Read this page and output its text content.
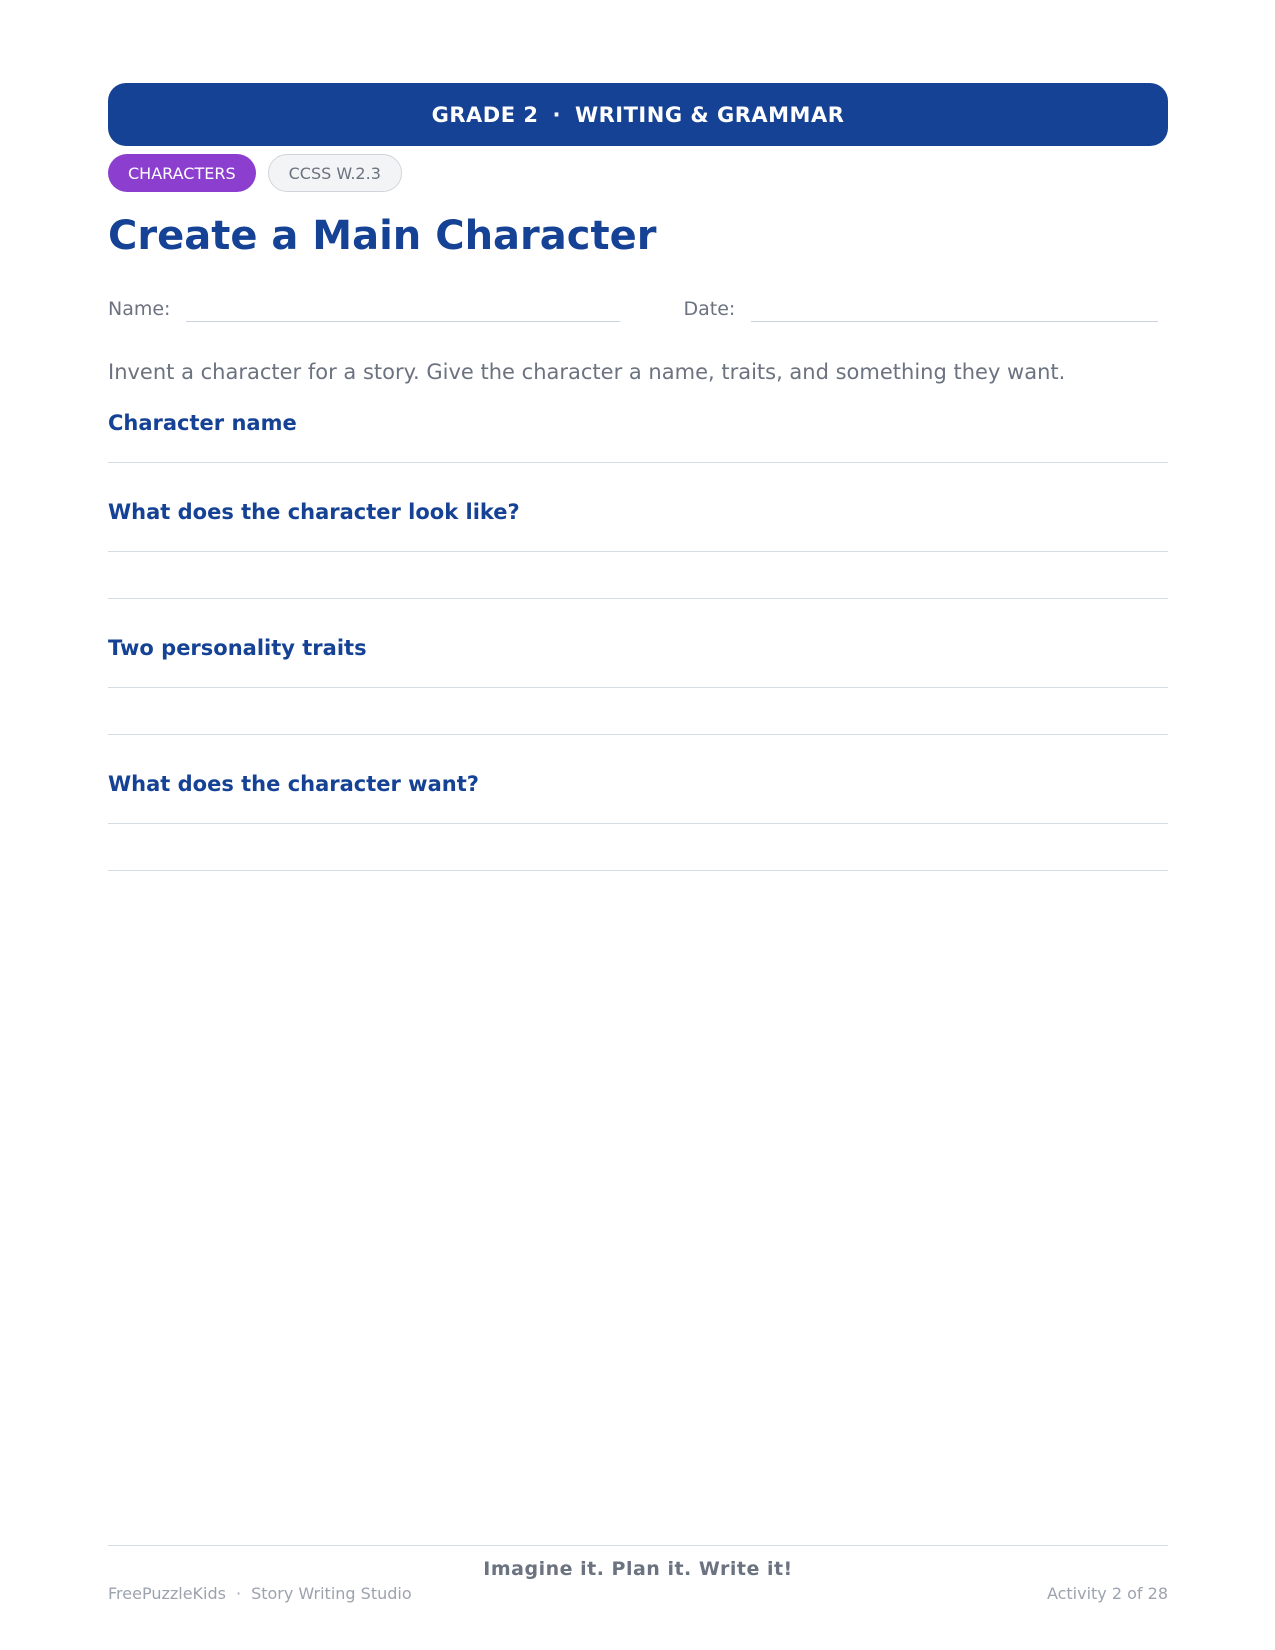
GRADE 2 · WRITING & GRAMMAR
CHARACTERS	CCSS W.2.3
Create a Main Character
Name:	Date:
Invent a character for a story. Give the character a name, traits, and something they want.
Character name
What does the character look like?
Two personality traits
What does the character want?
Imagine it. Plan it. Write it!
FreePuzzleKids · Story Writing Studio	Activity 2 of 28
